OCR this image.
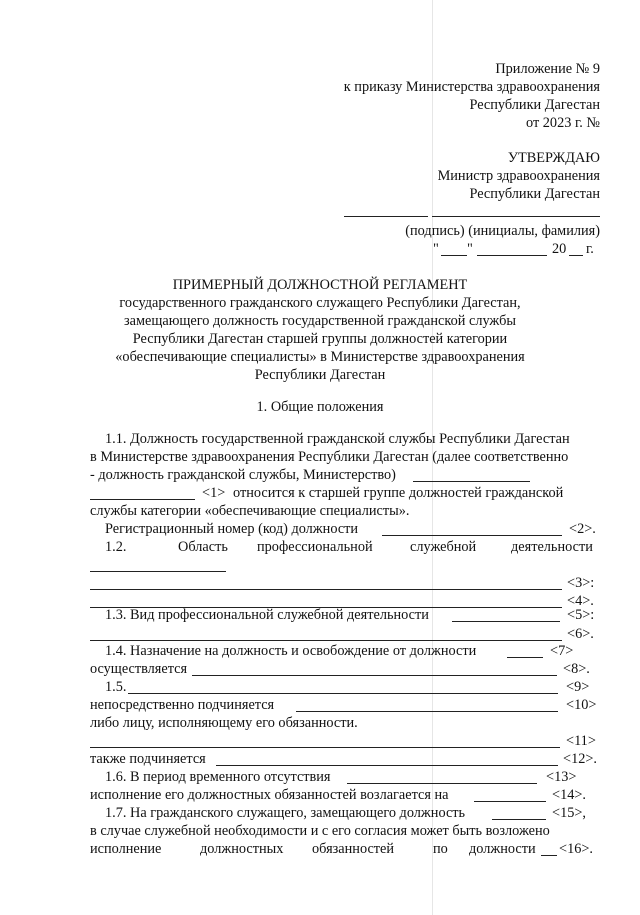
Приложение № 9
к приказу Министерства здравоохранения
Республики Дагестан
от 2023 г. №
УТВЕРЖДАЮ
Министр здравоохранения
Республики Дагестан
(подпись) (инициалы, фамилия)
" "	20 г.
ПРИМЕРНЫЙ ДОЛЖНОСТНОЙ РЕГЛАМЕНТ
государственного гражданского служащего Республики Дагестан,
замещающего должность государственной гражданской службы
Республики Дагестан старшей группы должностей категории
«обеспечивающие специалисты» в Министерстве здравоохранения
Республики Дагестан
1. Общие положения
1.1. Должность государственной гражданской службы Республики Дагестан
в Министерстве здравоохранения Республики Дагестан (далее соответственно
- должность гражданской службы, Министерство)
<1> относится к старшей группе должностей гражданской
службы категории «обеспечивающие специалисты».
Регистрационный номер (код) должности	<2>.
1.2.	Область профессиональной	служебной деятельности
<3>:
<4>.
1.3. Вид профессиональной служебной деятельности	<5>:
<6>.
1.4. Назначение на должность и освобождение от должности	<7>
осуществляется	<8>.
1.5.	<9>
непосредственно подчиняется	<10>
либо лицу, исполняющему его обязанности.
<11>
также подчиняется	<12>.
1.6. В период временного отсутствия	<13>
исполнение его должностных обязанностей возлагается на	<14>.
1.7. На гражданского служащего, замещающего должность	<15>,
в случае служебной необходимости и с его согласия может быть возложено
исполнение	должностных обязанностей	по должности <16>.
